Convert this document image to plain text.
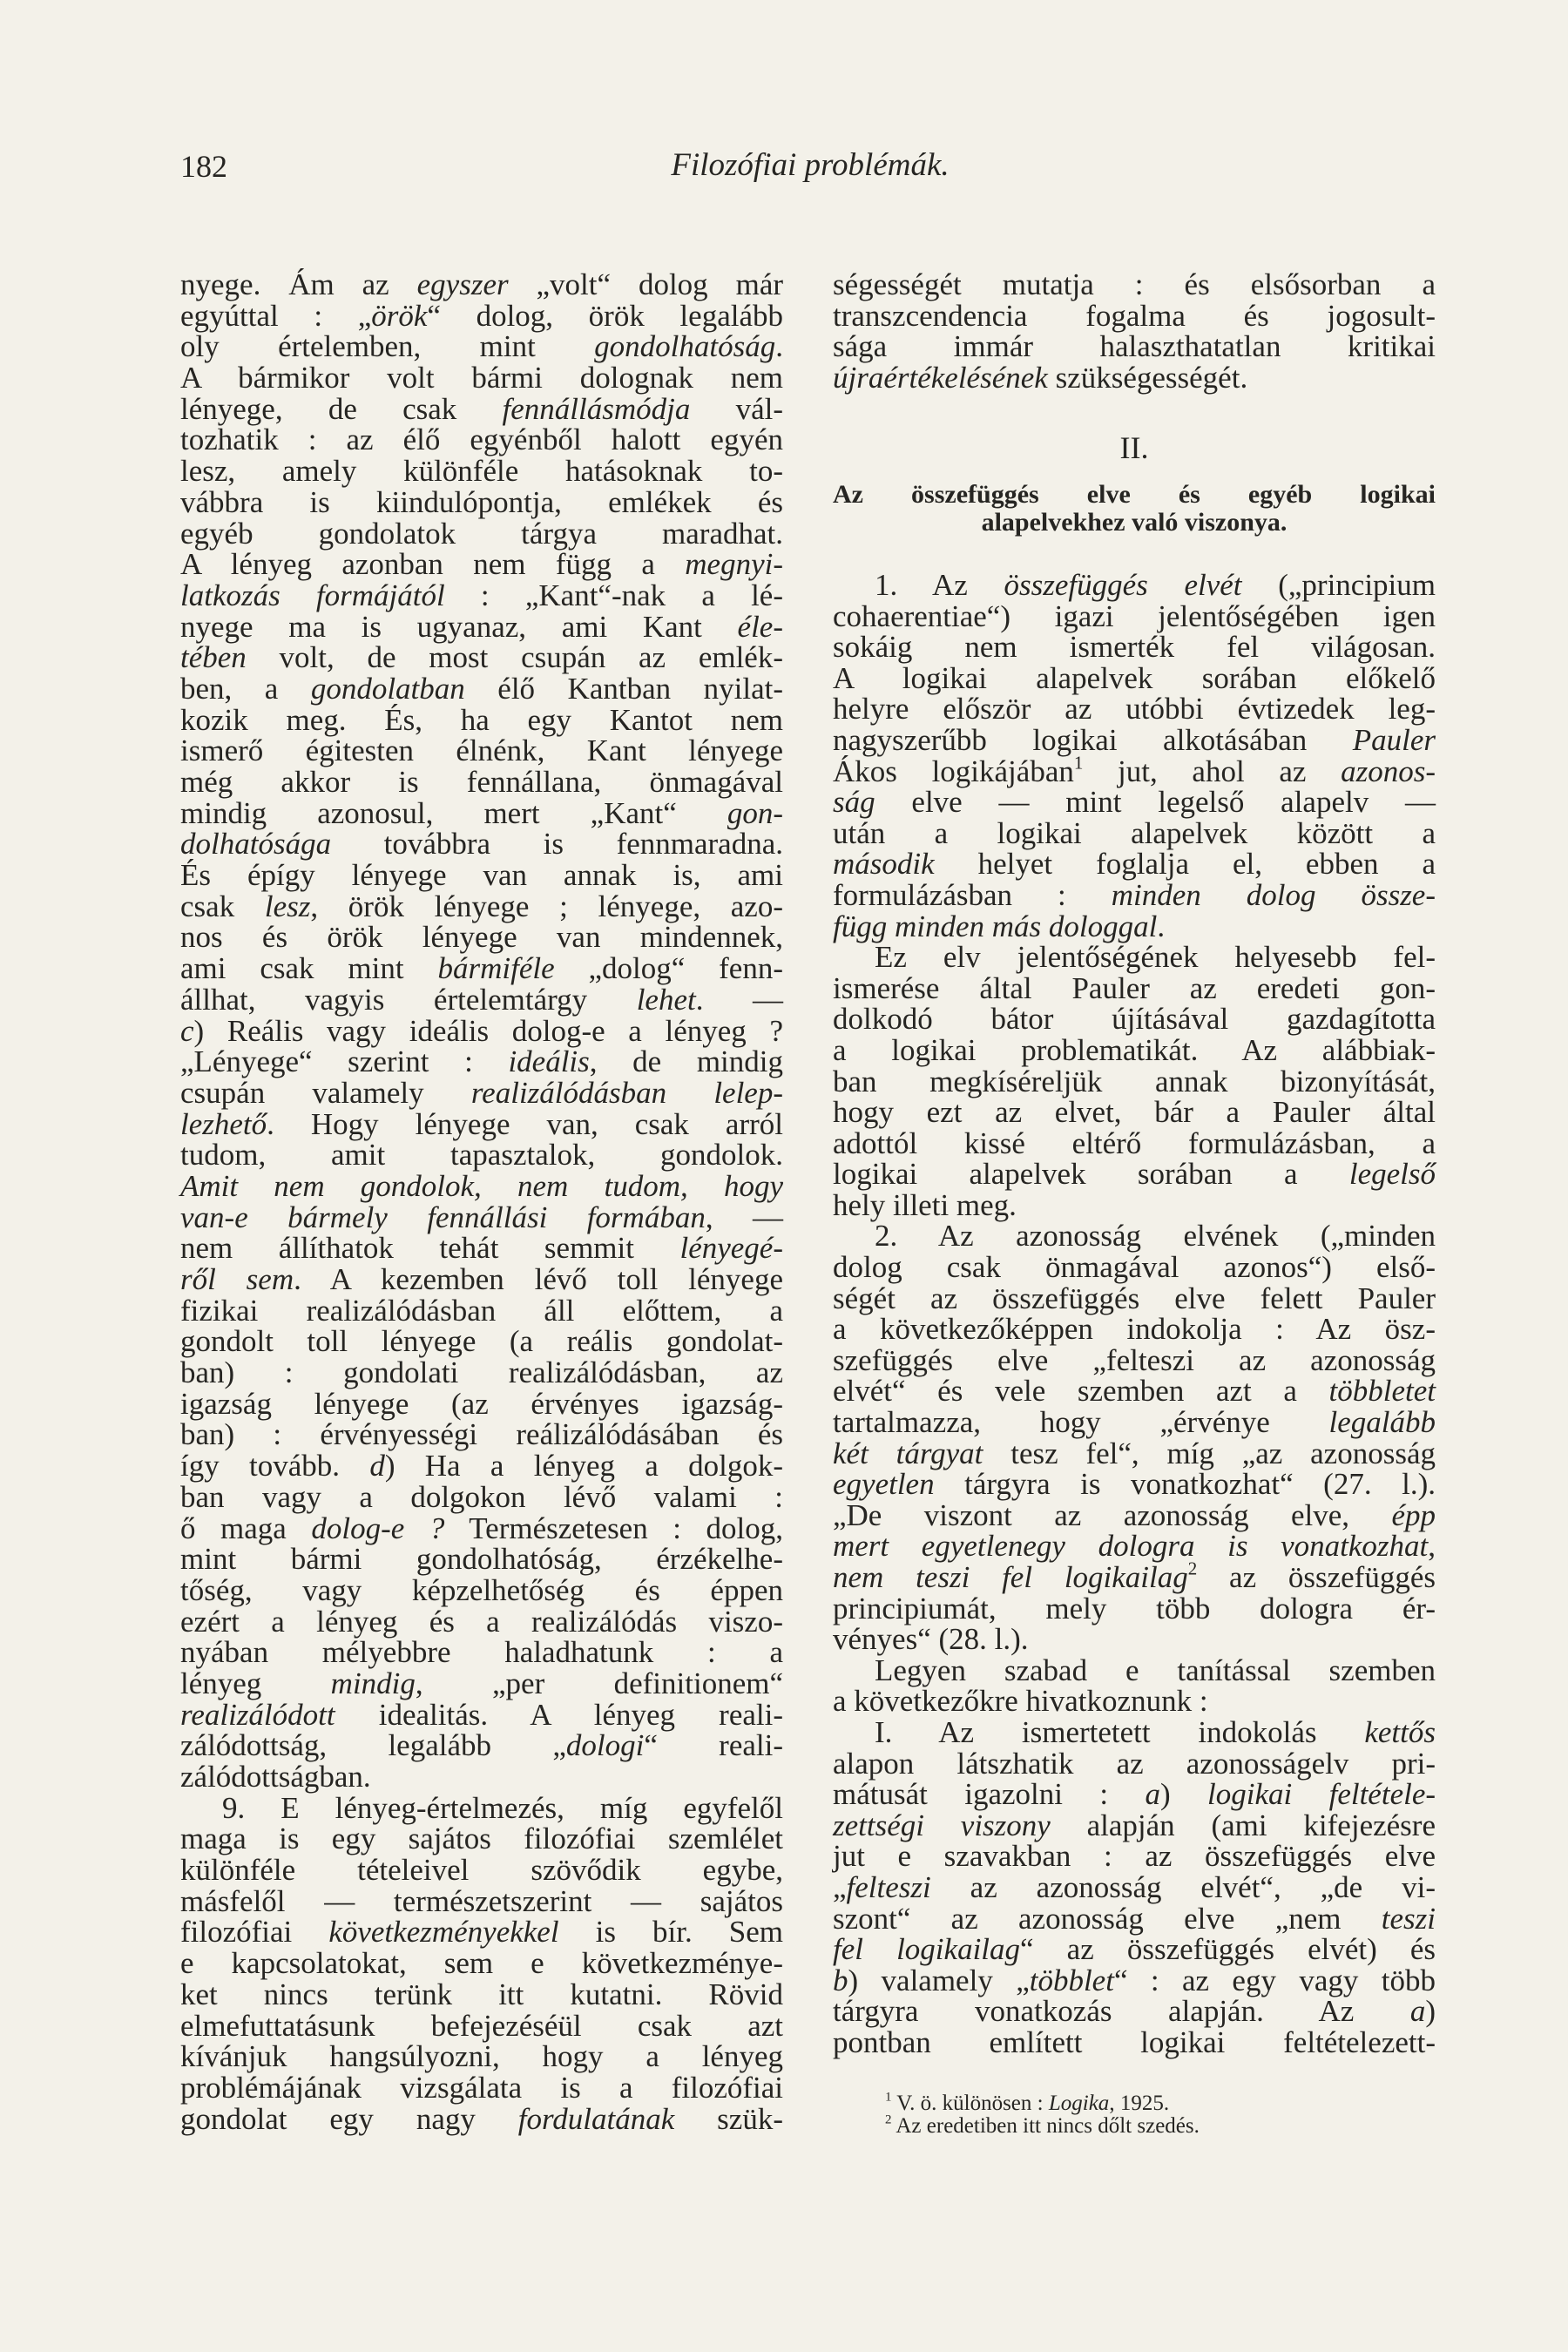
182	Filozófiai problémák.
nyege. Ám az egyszer „volt“ dolog már
egyúttal : „örök“ dolog, örök legalább
oly értelemben, mint gondolhatóság.
A bármikor volt bármi dolognak nem
lényege, de csak fennállásmódja vál-
tozhatik : az élő egyénből halott egyén
lesz, amely különféle hatásoknak to-
vábbra is kiindulópontja, emlékek és
egyéb gondolatok tárgya maradhat.
A lényeg azonban nem függ a megnyi-
latkozás formájától : „Kant“-nak a lé-
nyege ma is ugyanaz, ami Kant éle-
tében volt, de most csupán az emlék-
ben, a gondolatban élő Kantban nyilat-
kozik meg. És, ha egy Kantot nem
ismerő égitesten élnénk, Kant lényege
még akkor is fennállana, önmagával
mindig azonosul, mert „Kant“ gon-
dolhatósága továbbra is fennmaradna.
És épígy lényege van annak is, ami
csak lesz, örök lényege ; lényege, azo-
nos és örök lényege van mindennek,
ami csak mint bármiféle „dolog“ fenn-
állhat, vagyis értelemtárgy lehet. —
c) Reális vagy ideális dolog-e a lényeg ?
„Lényege“ szerint : ideális, de mindig
csupán valamely realizálódásban lelep-
lezhető. Hogy lényege van, csak arról
tudom, amit tapasztalok, gondolok.
Amit nem gondolok, nem tudom, hogy
van-e bármely fennállási formában, —
nem állíthatok tehát semmit lényegé-
ről sem. A kezemben lévő toll lényege
fizikai realizálódásban áll előttem, a
gondolt toll lényege (a reális gondolat-
ban) : gondolati realizálódásban, az
igazság lényege (az érvényes igazság-
ban) : érvényességi reálizálódásában és
így tovább. d) Ha a lényeg a dolgok-
ban vagy a dolgokon lévő valami :
ő maga dolog-e ? Természetesen : dolog,
mint bármi gondolhatóság, érzékelhe-
tőség, vagy képzelhetőség és éppen
ezért a lényeg és a realizálódás viszo-
nyában mélyebbre haladhatunk : a
lényeg mindig, „per definitionem“
realizálódott idealitás. A lényeg reali-
zálódottság, legalább „dologi“ reali-
zálódottságban.
9. E lényeg-értelmezés, míg egyfelől
maga is egy sajátos filozófiai szemlélet
különféle tételeivel szövődik egybe,
másfelől — természetszerint — sajátos
filozófiai következményekkel is bír. Sem
e kapcsolatokat, sem e következménye-
ket nincs terünk itt kutatni. Rövid
elmefuttatásunk befejezéséül csak azt
kívánjuk hangsúlyozni, hogy a lényeg
problémájának vizsgálata is a filozófiai
gondolat egy nagy fordulatának szük-
ségességét mutatja : és elsősorban a
transzcendencia fogalma és jogosult-
sága immár halaszthatatlan kritikai
újraértékelésének szükségességét.
II.
Az összefüggés elve és egyéb logikai
alapelvekhez való viszonya.
1. Az összefüggés elvét („principium
cohaerentiae“) igazi jelentőségében igen
sokáig nem ismerték fel világosan.
A logikai alapelvek sorában előkelő
helyre először az utóbbi évtizedek leg-
nagyszerűbb logikai alkotásában Pauler
Ákos logikájában$^1$ jut, ahol az azonos-
ság elve — mint legelső alapelv —
után a logikai alapelvek között a
második helyet foglalja el, ebben a
formulázásban : minden dolog össze-
függ minden más dologgal.
Ez elv jelentőségének helyesebb fel-
ismerése által Pauler az eredeti gon-
dolkodó bátor újításával gazdagította
a logikai problematikát. Az alábbiak-
ban megkíséreljük annak bizonyítását,
hogy ezt az elvet, bár a Pauler által
adottól kissé eltérő formulázásban, a
logikai alapelvek sorában a legelső
hely illeti meg.
2. Az azonosság elvének („minden
dolog csak önmagával azonos“) első-
ségét az összefüggés elve felett Pauler
a következőképpen indokolja : Az ösz-
szefüggés elve „felteszi az azonosság
elvét“ és vele szemben azt a többletet
tartalmazza, hogy „érvénye legalább
két tárgyat tesz fel“, míg „az azonosság
egyetlen tárgyra is vonatkozhat“ (27. l.).
„De viszont az azonosság elve, épp
mert egyetlenegy dologra is vonatkozhat,
nem teszi fel logikailag$^2$ az összefüggés
principiumát, mely több dologra ér-
vényes“ (28. l.).
Legyen szabad e tanítással szemben
a következőkre hivatkoznunk :
I. Az ismertetett indokolás kettős
alapon látszhatik az azonosságelv pri-
mátusát igazolni : a) logikai feltétele-
zettségi viszony alapján (ami kifejezésre
jut e szavakban : az összefüggés elve
„felteszi az azonosság elvét“, „de vi-
szont“ az azonosság elve „nem teszi
fel logikailag“ az összefüggés elvét) és
b) valamely „többlet“ : az egy vagy több
tárgyra vonatkozás alapján. Az a)
pontban említett logikai feltételezett-
$^1$ V. ö. különösen : Logika, 1925.
$^2$ Az eredetiben itt nincs dőlt szedés.
